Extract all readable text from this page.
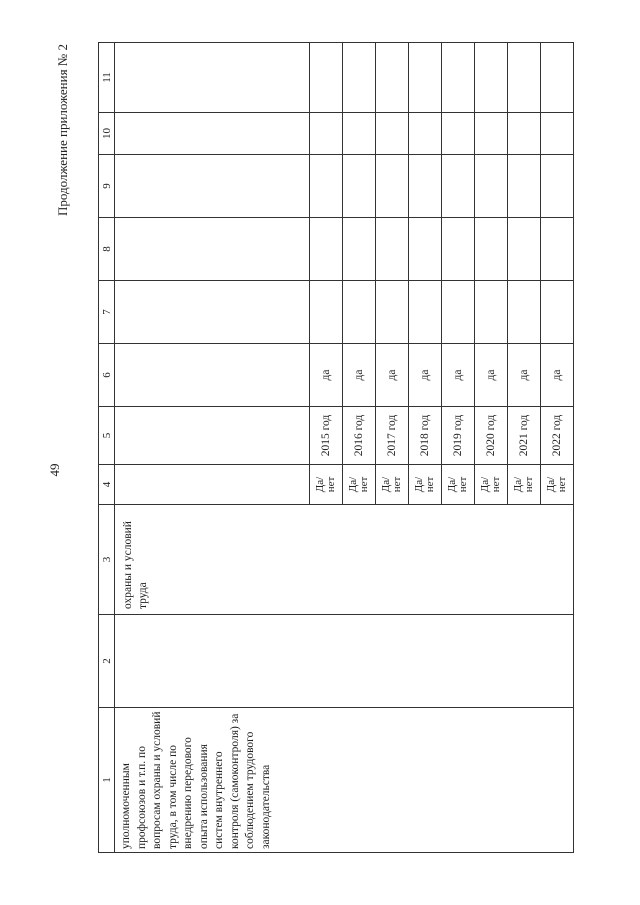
49
Продолжение приложения № 2
1	2	3	4	5	6	7	8	9	10	11
уполномоченным профсоюзов и т.п. по вопросам охраны и условий труда, в том числе по внедрению передового опыта использования систем внутреннего контроля (самоконтроля) за соблюдением трудового законодательства		охраны и условий труда								
			Да/ нет	2015 год	да					
			Да/ нет	2016 год	да					
			Да/ нет	2017 год	да					
			Да/ нет	2018 год	да					
			Да/ нет	2019 год	да					
			Да/ нет	2020 год	да					
			Да/ нет	2021 год	да					
			Да/ нет	2022 год	да					
